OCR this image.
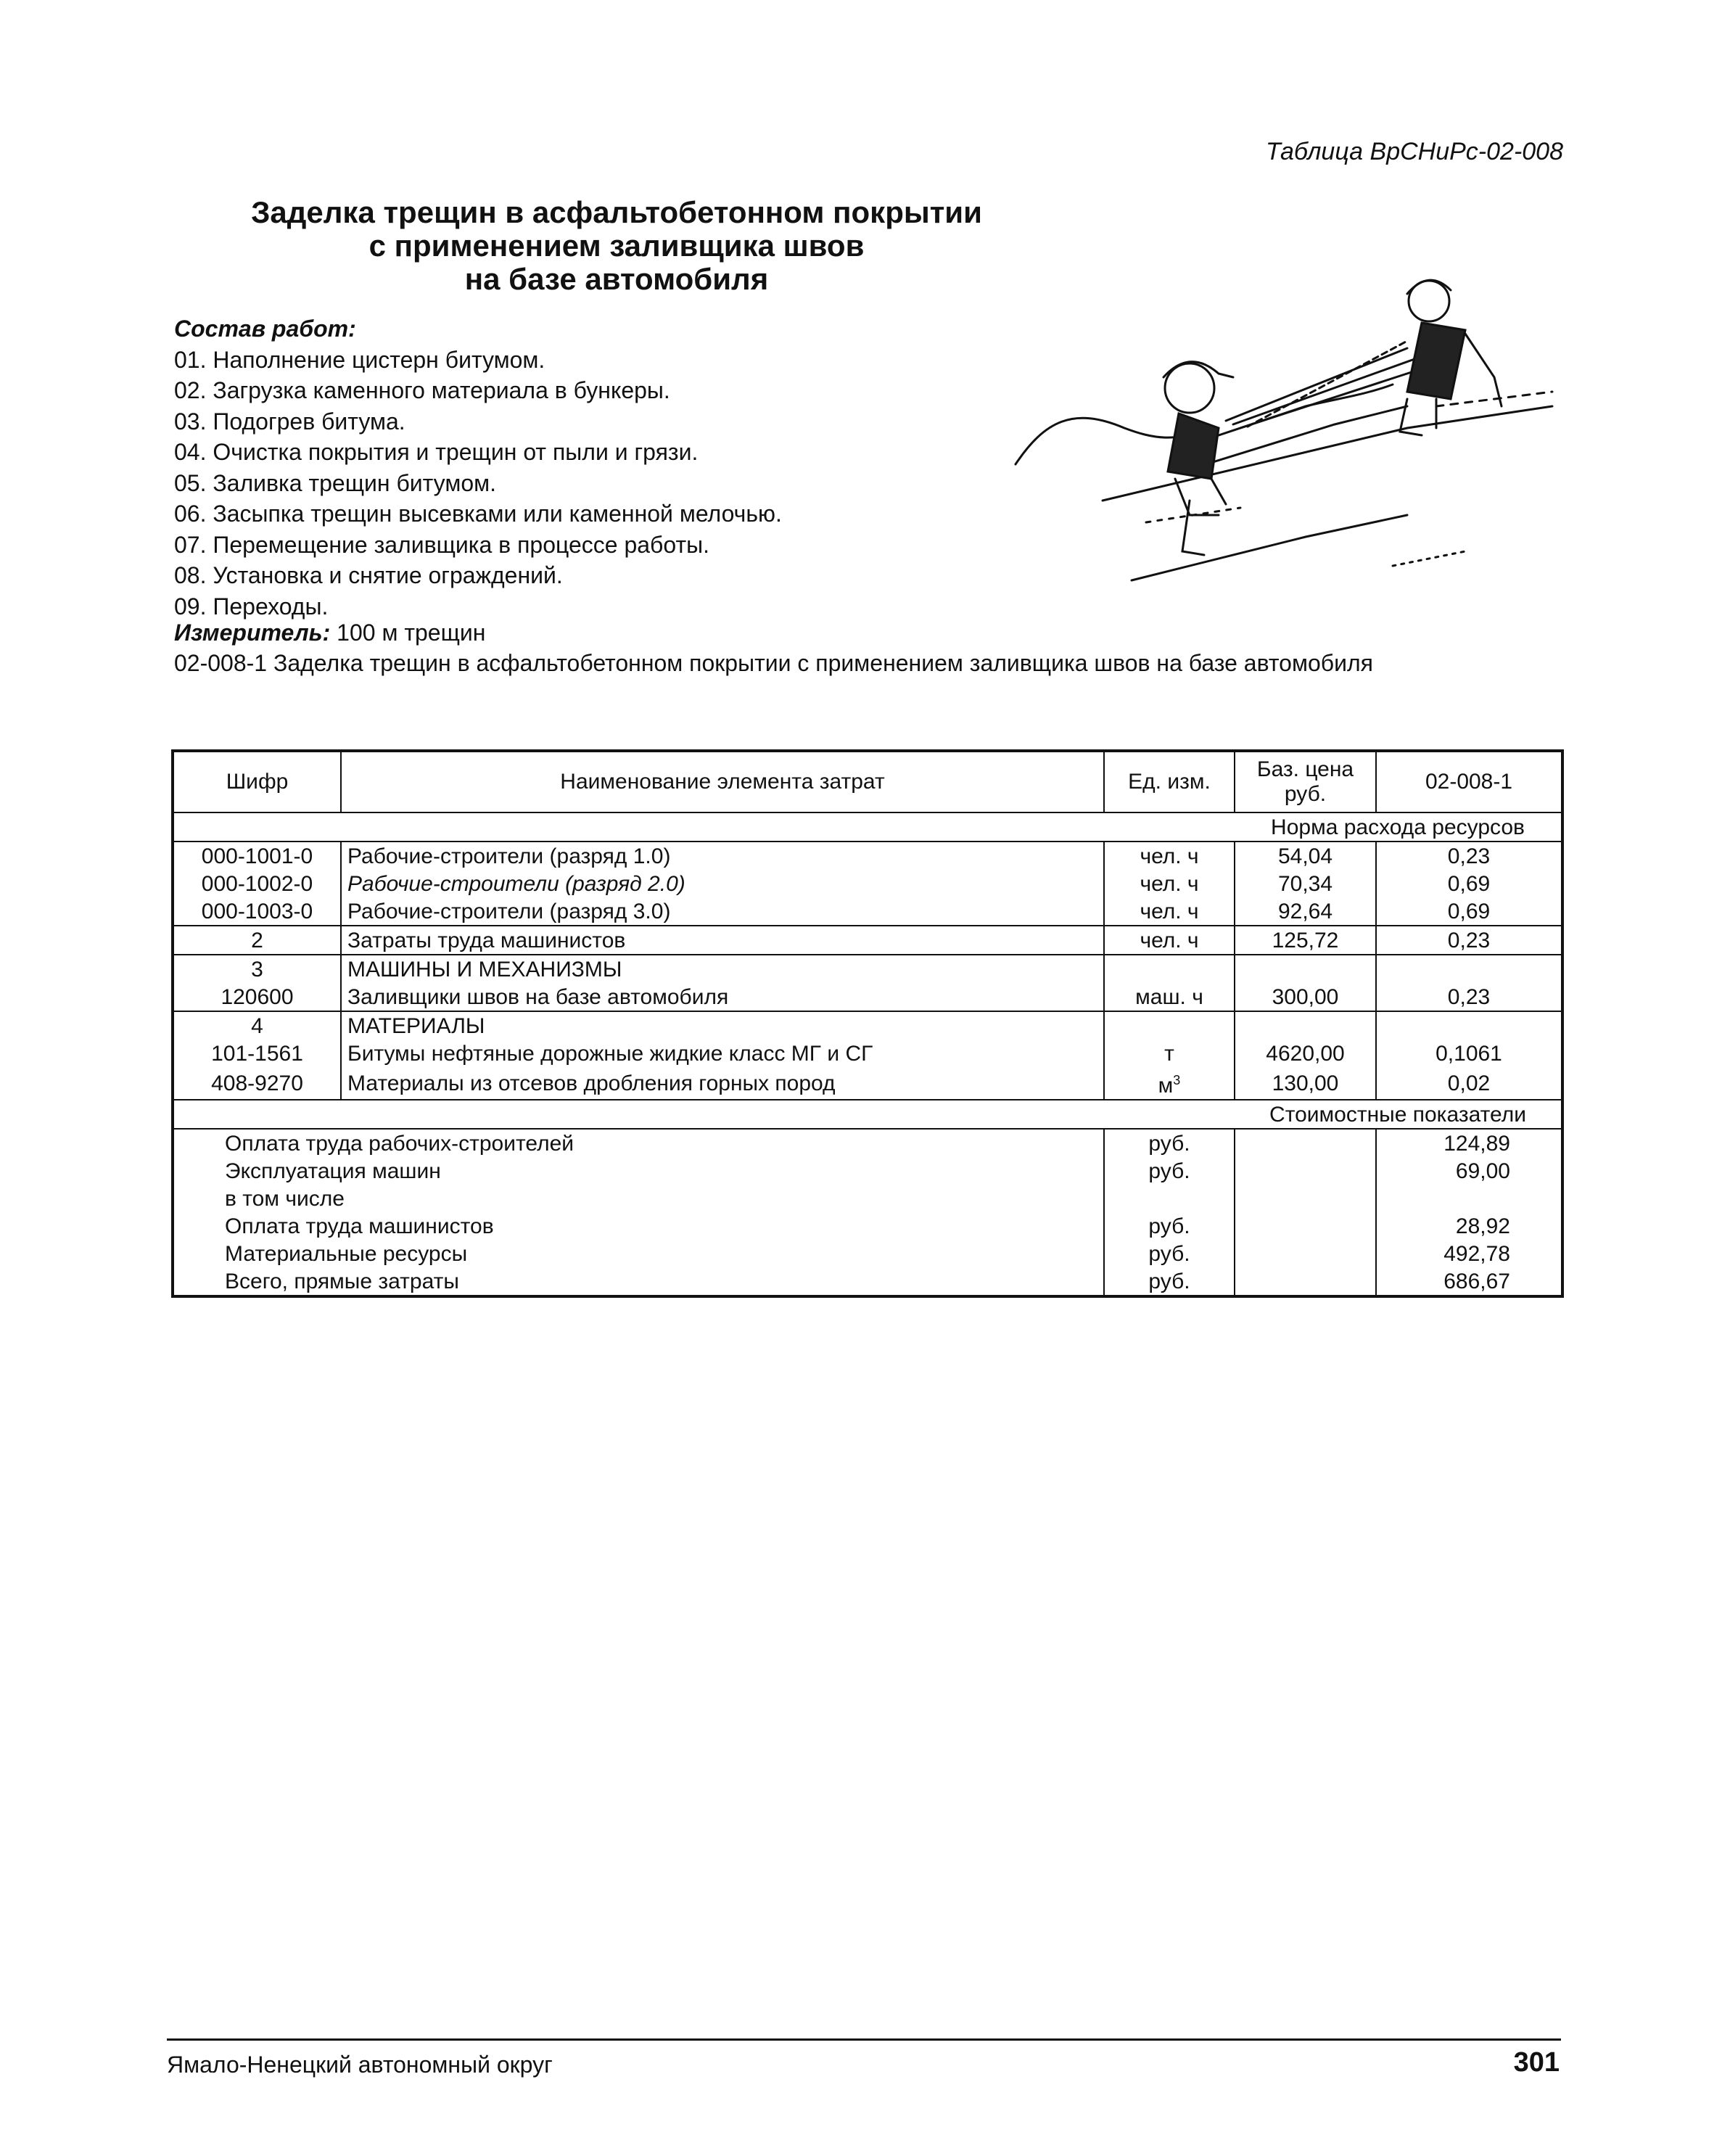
Таблица ВрСНиРс-02-008
Заделка трещин в асфальтобетонном покрытии
с применением заливщика швов
на базе автомобиля
Состав работ:
01. Наполнение цистерн битумом.
02. Загрузка каменного материала в бункеры.
03. Подогрев битума.
04. Очистка покрытия и трещин от пыли и грязи.
05. Заливка трещин битумом.
06. Засыпка трещин высевками или каменной мелочью.
07. Перемещение заливщика в процессе работы.
08. Установка и снятие ограждений.
09. Переходы.
Измеритель: 100 м трещин
02-008-1 Заделка трещин в асфальтобетонном покрытии с применением заливщика швов на базе автомобиля
Шифр	Наименование элемента затрат	Ед. изм.	Баз. цена руб.	02-008-1
			Норма расхода ресурсов	
000-1001-0	Рабочие-строители (разряд 1.0)	чел. ч	54,04	0,23
000-1002-0	Рабочие-строители (разряд 2.0)	чел. ч	70,34	0,69
000-1003-0	Рабочие-строители (разряд 3.0)	чел. ч	92,64	0,69
2	Затраты труда машинистов	чел. ч	125,72	0,23
3	МАШИНЫ И МЕХАНИЗМЫ			
120600	Заливщики швов на базе автомобиля	маш. ч	300,00	0,23
4	МАТЕРИАЛЫ			
101-1561	Битумы нефтяные дорожные жидкие класс МГ и СГ	т	4620,00	0,1061
408-9270	Материалы из отсевов дробления горных пород	$м^3$	130,00	0,02
			Стоимостные показатели	
Оплата труда рабочих-строителей		руб.		124,89
Эксплуатация машин		руб.		69,00
в том числе				
Оплата труда машинистов		руб.		28,92
Материальные ресурсы		руб.		492,78
Всего, прямые затраты		руб.		686,67
Ямало-Ненецкий автономный округ	301
